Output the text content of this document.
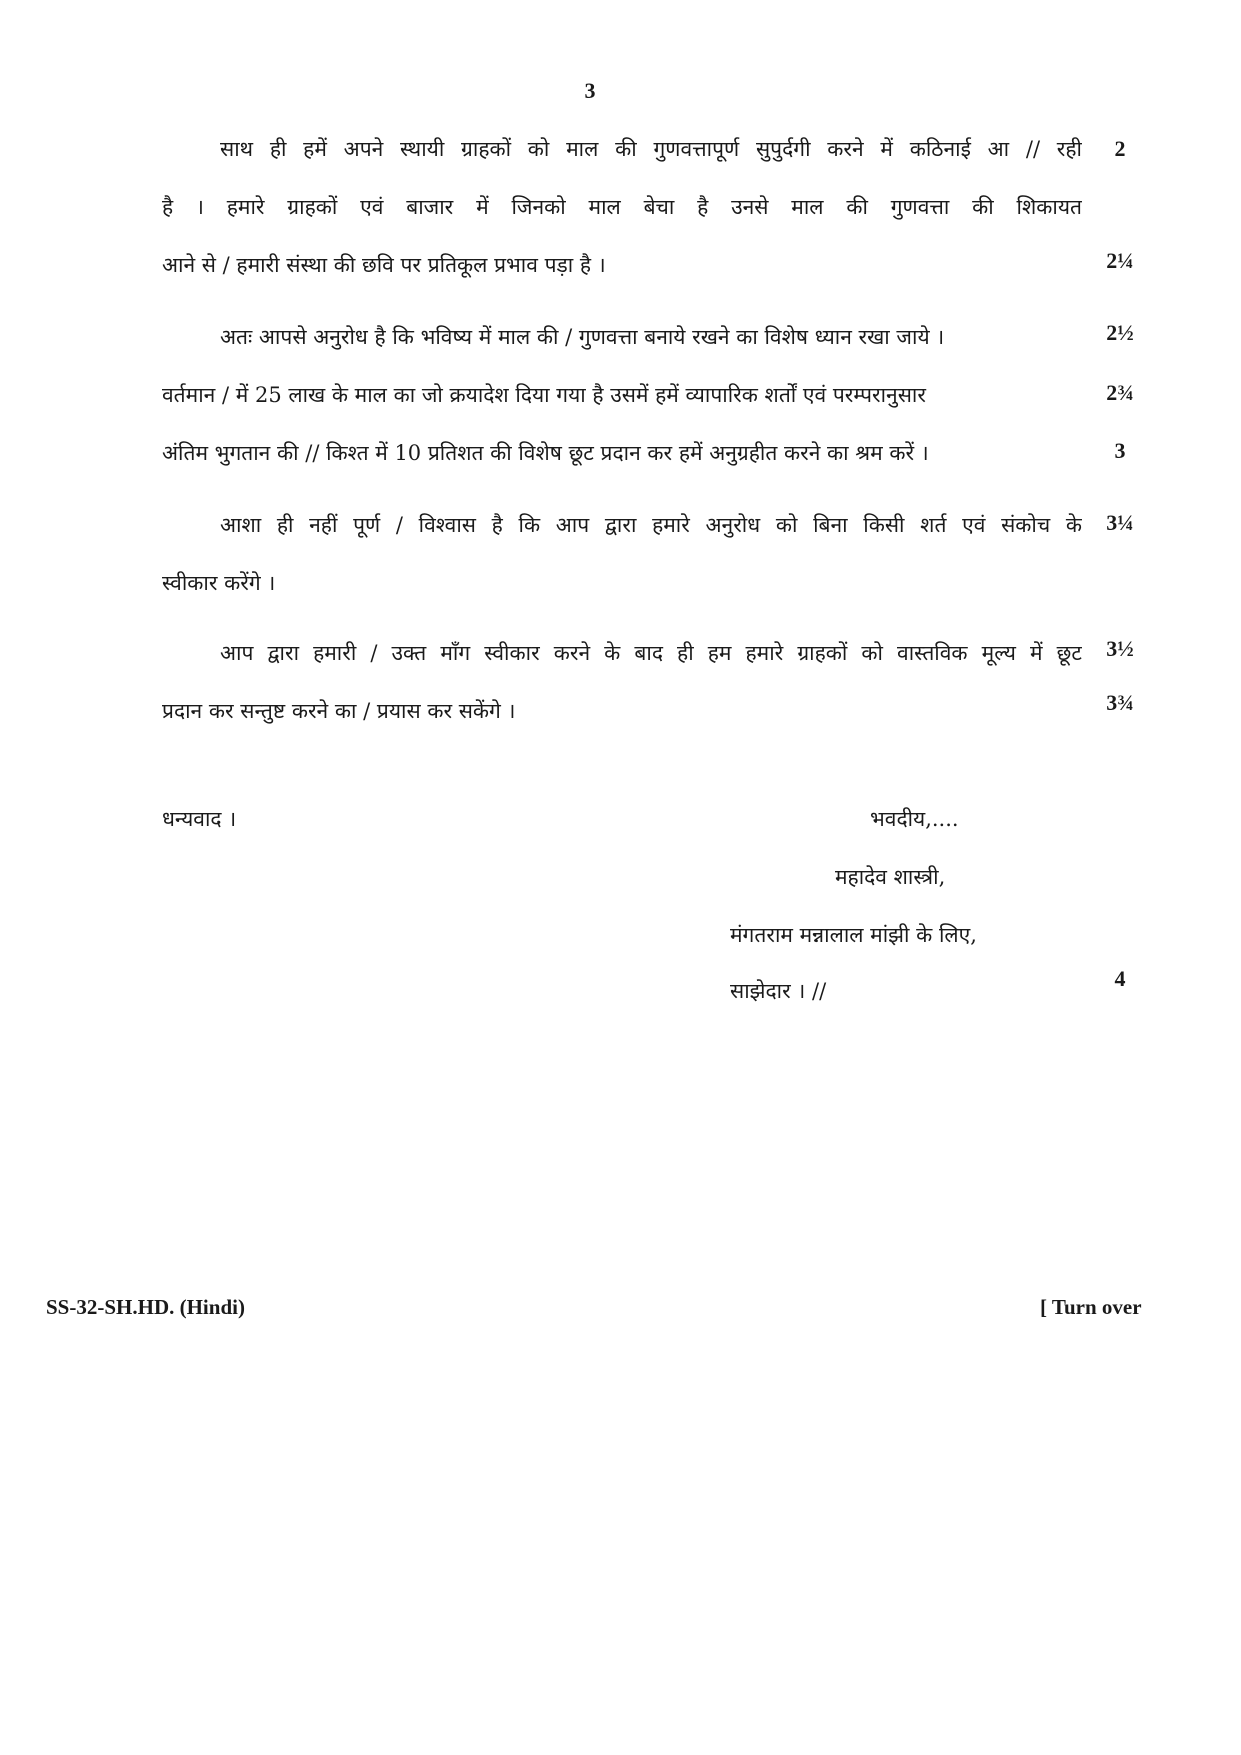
3
साथ ही हमें अपने स्थायी ग्राहकों को माल की गुणवत्तापूर्ण सुपुर्दगी करने में कठिनाई आ // रही
है । हमारे ग्राहकों एवं बाजार में जिनको माल बेचा है उनसे माल की गुणवत्ता की शिकायत
आने से / हमारी संस्था की छवि पर प्रतिकूल प्रभाव पड़ा है ।
अतः आपसे अनुरोध है कि भविष्य में माल की / गुणवत्ता बनाये रखने का विशेष ध्यान रखा जाये ।
वर्तमान / में 25 लाख के माल का जो क्रयादेश दिया गया है उसमें हमें व्यापारिक शर्तों एवं परम्परानुसार
अंतिम भुगतान की // किश्त में 10 प्रतिशत की विशेष छूट प्रदान कर हमें अनुग्रहीत करने का श्रम करें ।
आशा ही नहीं पूर्ण / विश्वास है कि आप द्वारा हमारे अनुरोध को बिना किसी शर्त एवं संकोच के
स्वीकार करेंगे ।
आप द्वारा हमारी / उक्त माँग स्वीकार करने के बाद ही हम हमारे ग्राहकों को वास्तविक मूल्य में छूट
प्रदान कर सन्तुष्ट करने का / प्रयास कर सकेंगे ।
2
2¼
2½
2¾
3
3¼
3½
3¾
4
धन्यवाद ।	भवदीय,....
महादेव शास्त्री,
मंगतराम मन्नालाल मांझी के लिए,
साझेदार । //
SS-32-SH.HD. (Hindi)	[ Turn over
